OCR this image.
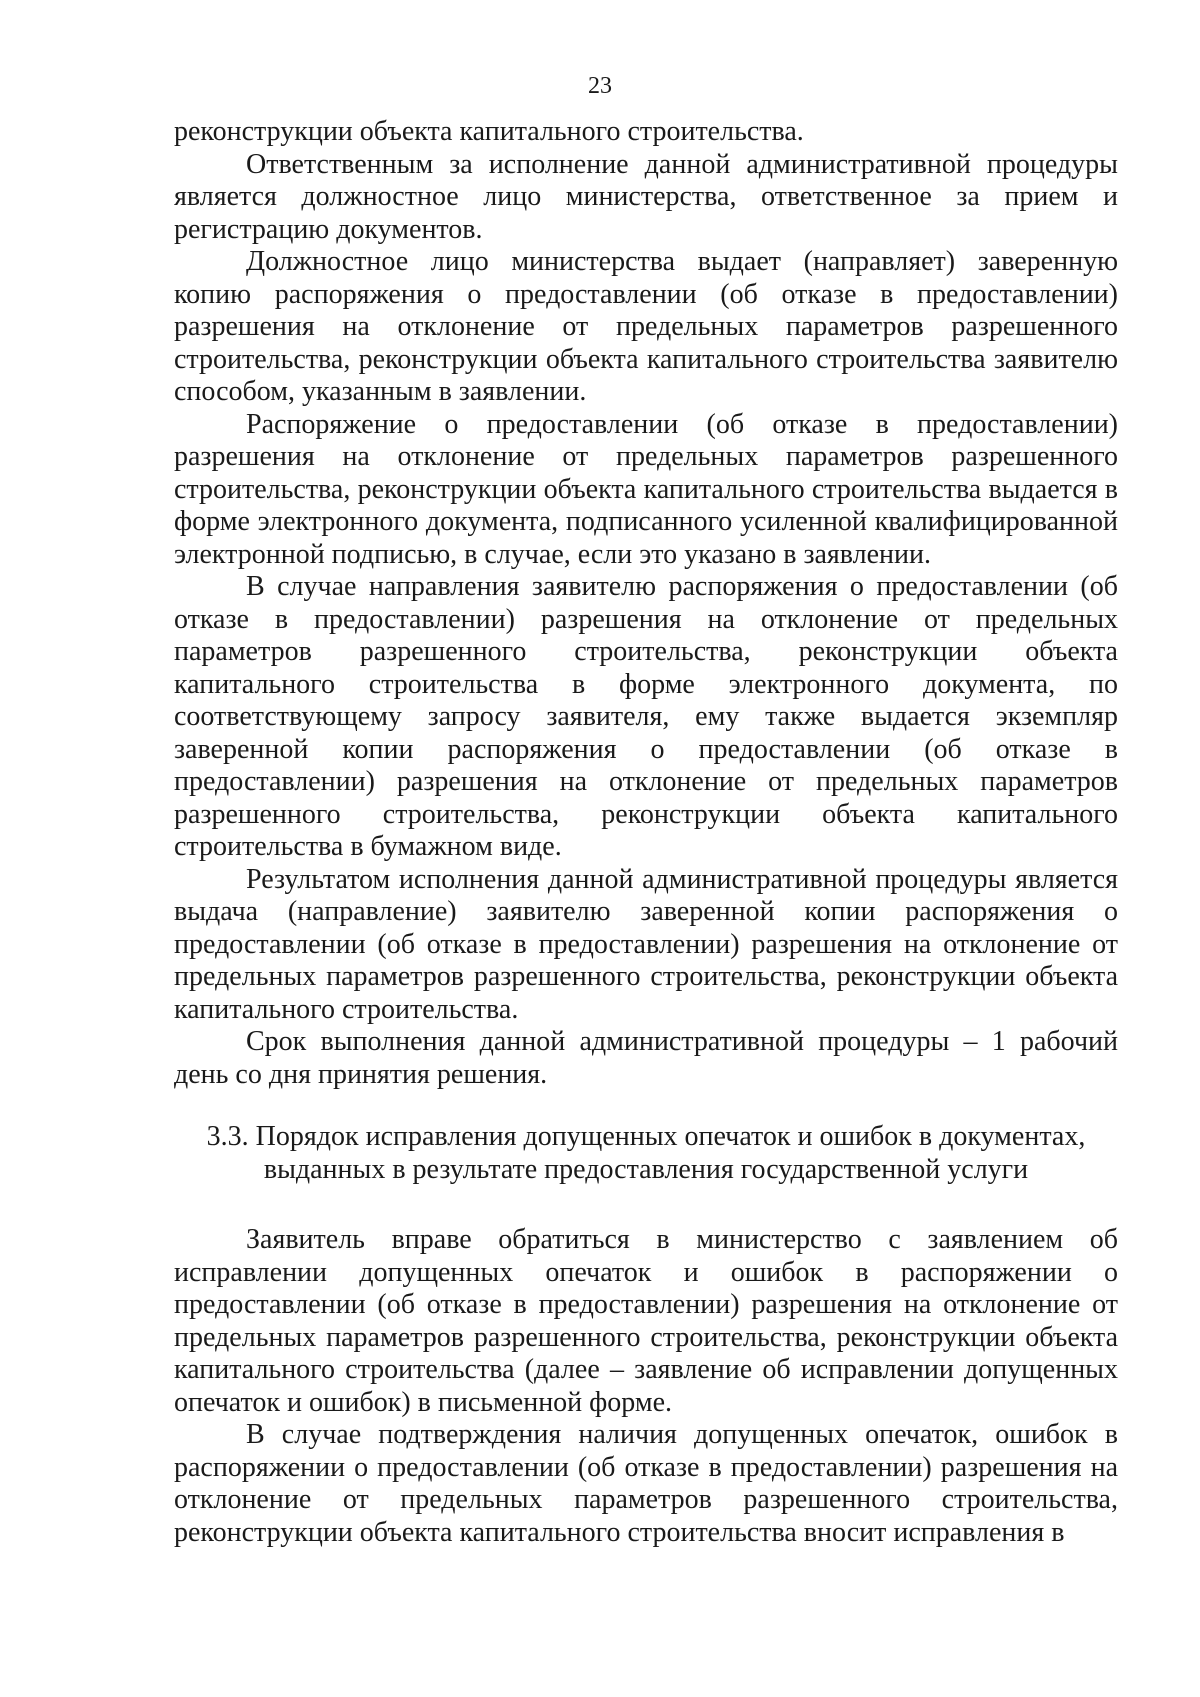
23

реконструкции объекта капитального строительства.

Ответственным за исполнение данной административной процедуры является должностное лицо министерства, ответственное за прием и регистрацию документов.

Должностное лицо министерства выдает (направляет) заверенную копию распоряжения о предоставлении (об отказе в предоставлении) разрешения на отклонение от предельных параметров разрешенного строительства, реконструкции объекта капитального строительства заявителю способом, указанным в заявлении.

Распоряжение о предоставлении (об отказе в предоставлении) разрешения на отклонение от предельных параметров разрешенного строительства, реконструкции объекта капитального строительства выдается в форме электронного документа, подписанного усиленной квалифицированной электронной подписью, в случае, если это указано в заявлении.

В случае направления заявителю распоряжения о предоставлении (об отказе в предоставлении) разрешения на отклонение от предельных параметров разрешенного строительства, реконструкции объекта капитального строительства в форме электронного документа, по соответствующему запросу заявителя, ему также выдается экземпляр заверенной копии распоряжения о предоставлении (об отказе в предоставлении) разрешения на отклонение от предельных параметров разрешенного строительства, реконструкции объекта капитального строительства в бумажном виде.

Результатом исполнения данной административной процедуры является выдача (направление) заявителю заверенной копии распоряжения о предоставлении (об отказе в предоставлении) разрешения на отклонение от предельных параметров разрешенного строительства, реконструкции объекта капитального строительства.

Срок выполнения данной административной процедуры – 1 рабочий день со дня принятия решения.

3.3. Порядок исправления допущенных опечаток и ошибок в документах,
выданных в результате предоставления государственной услуги

Заявитель вправе обратиться в министерство с заявлением об исправлении допущенных опечаток и ошибок в распоряжении о предоставлении (об отказе в предоставлении) разрешения на отклонение от предельных параметров разрешенного строительства, реконструкции объекта капитального строительства (далее – заявление об исправлении допущенных опечаток и ошибок) в письменной форме.

В случае подтверждения наличия допущенных опечаток, ошибок в распоряжении о предоставлении (об отказе в предоставлении) разрешения на отклонение от предельных параметров разрешенного строительства, реконструкции объекта капитального строительства вносит исправления в
